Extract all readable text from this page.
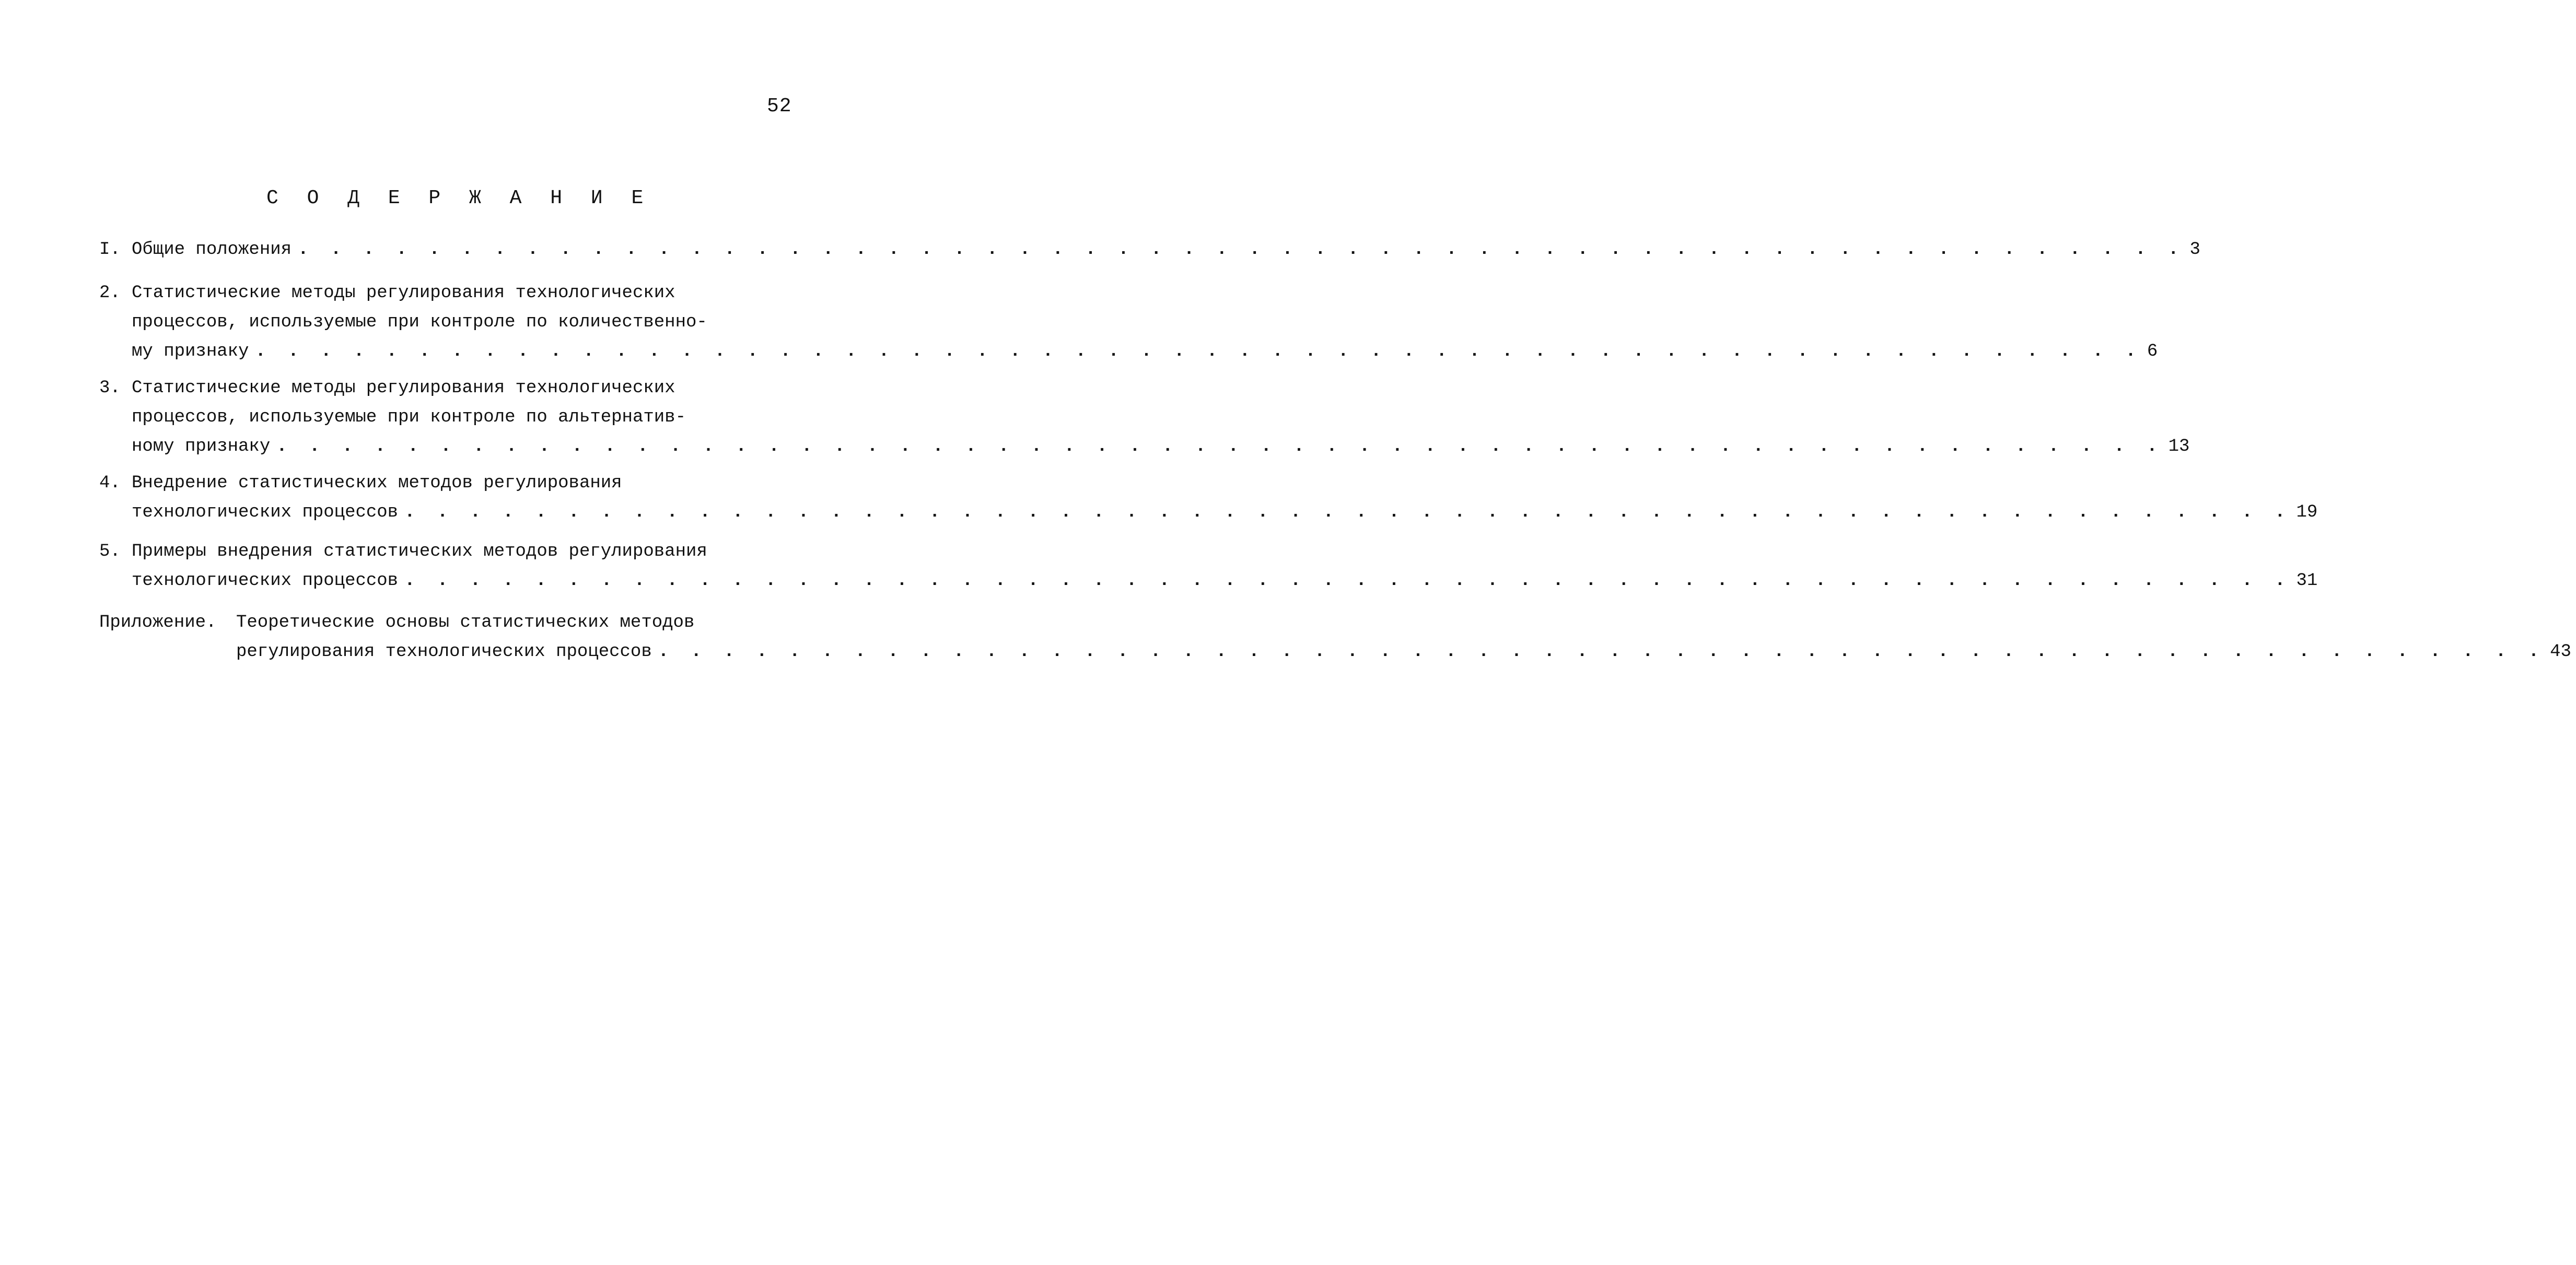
52
С О Д Е Р Ж А Н И Е
I. Общие положения . . . . . . . . . . . . . . . . . . . . . . . . . . . . . . . . . . . . . . . . . . . . . . . . . . . . . . . . . . 3
2. Статистические методы регулирования технологических
процессов, используемые при контроле по количественно-
му признаку . . . . . . . . . . . . . . . . . . . . . . . . . . . . . . . . . . . . . . . . . . . . . . . . . . . . . . . . . . 6
3. Статистические методы регулирования технологических
процессов, используемые при контроле по альтернатив-
ному признаку . . . . . . . . . . . . . . . . . . . . . . . . . . . . . . . . . . . . . . . . . . . . . . . . . . . . . . . . . . 13
4. Внедрение статистических методов регулирования
технологических процессов . . . . . . . . . . . . . . . . . . . . . . . . . . . . . . . . . . . . . . . . . . . . . . . . . . . . . . . . . . 19
5. Примеры внедрения статистических методов регулирования
технологических процессов . . . . . . . . . . . . . . . . . . . . . . . . . . . . . . . . . . . . . . . . . . . . . . . . . . . . . . . . . . 31
Приложение. Теоретические основы статистических методов
регулирования технологических процессов . . . . . . . . . . . . . . . . . . . . . . . . . . . . . . . . . . . . . . . . . . . . . . . . . . . . . . . . . . 43
